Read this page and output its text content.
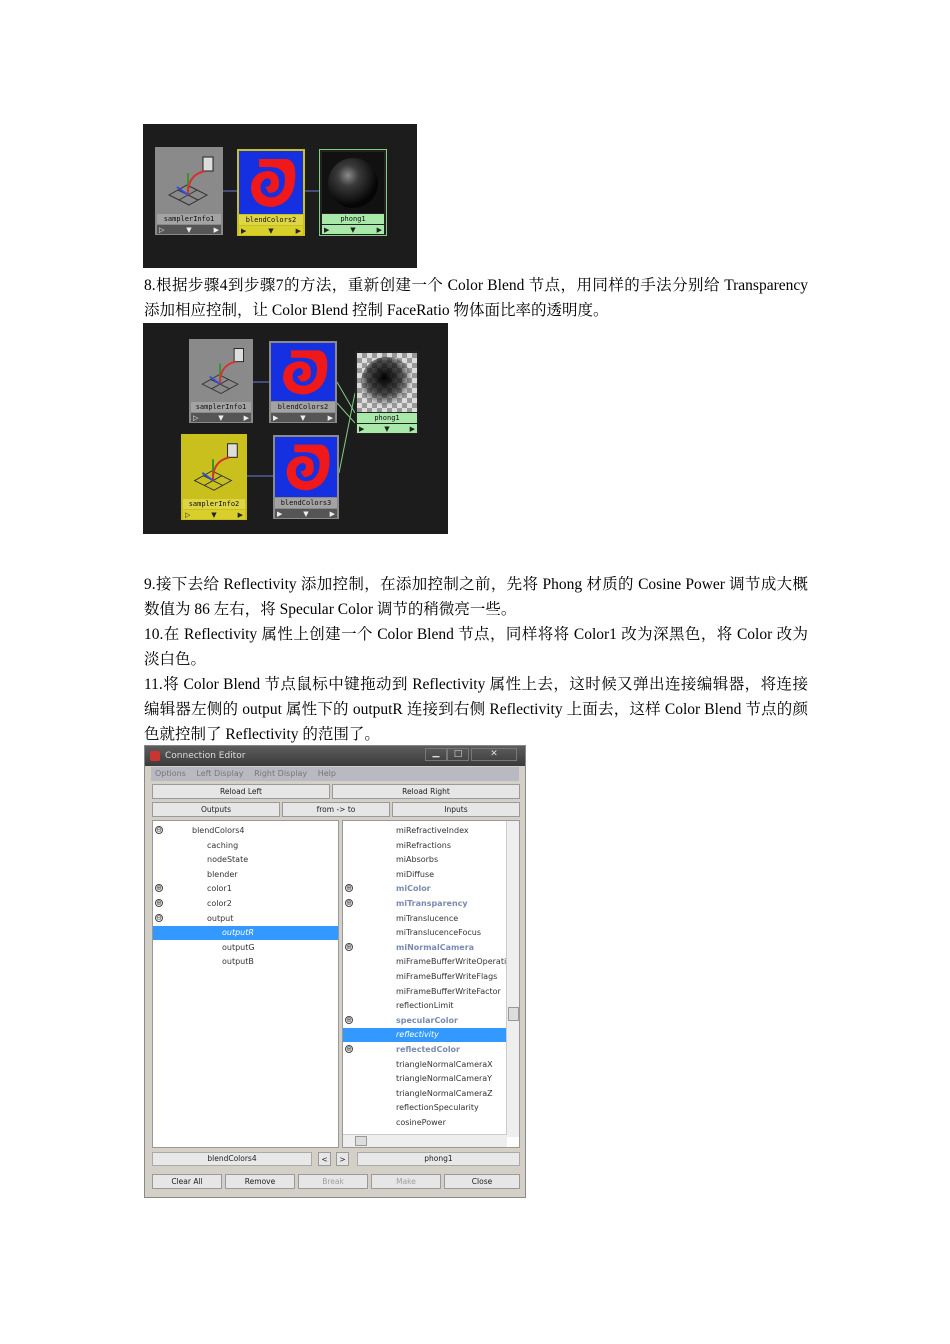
samplerInfo1
▷	▼	▶
blendColors2
▶	▼	▶
phong1
▶	▼	▶

8.根据步骤4到步骤7的方法，重新创建一个 Color Blend 节点，用同样的手法分别给 Transparency 添加相应控制，让 Color Blend 控制 FaceRatio 物体面比率的透明度。

samplerInfo1
▷	▼	▶
blendColors2
▶	▼	▶	phong1
▶	▼	▶
samplerInfo2
▷	▼	▶
blendColors3
▶	▼	▶

9.接下去给 Reflectivity 添加控制，在添加控制之前，先将 Phong 材质的 Cosine Power 调节成大概数值为 86 左右，将 Specular Color 调节的稍微亮一些。

10.在 Reflectivity 属性上创建一个 Color Blend 节点，同样将将 Color1 改为深黑色，将 Color 改为淡白色。

11.将 Color Blend 节点鼠标中键拖动到 Reflectivity 属性上去，这时候又弹出连接编辑器，将连接编辑器左侧的 output 属性下的 outputR 连接到右侧 Reflectivity 上面去，这样 Color Blend 节点的颜色就控制了 Reflectivity 的范围了。

Connection Editor	▁	□	✕
Options Left Display Right Display Help
Reload Left	Reload Right
Outputs	from -> to	Inputs
⊖	blendColors4
caching
nodeState
blender
⊕	color1
⊕	color2
⊖	output
outputR
outputG
outputB
cosinePower
reflectionSpecularity
triangleNormalCameraZ
triangleNormalCameraY
triangleNormalCameraX
⊕	reflectedColor
reflectivity
⊕	specularColor
reflectionLimit
miFrameBufferWriteFactor
miFrameBufferWriteFlags
miFrameBufferWriteOperati
⊕	miNormalCamera
miTranslucenceFocus
miTranslucence
⊕	miTransparency
⊕	miColor
miDiffuse
miAbsorbs
miRefractions
miRefractiveIndex
blendColors4	<	>	phong1
Clear All	Remove	Break	Make	Close
